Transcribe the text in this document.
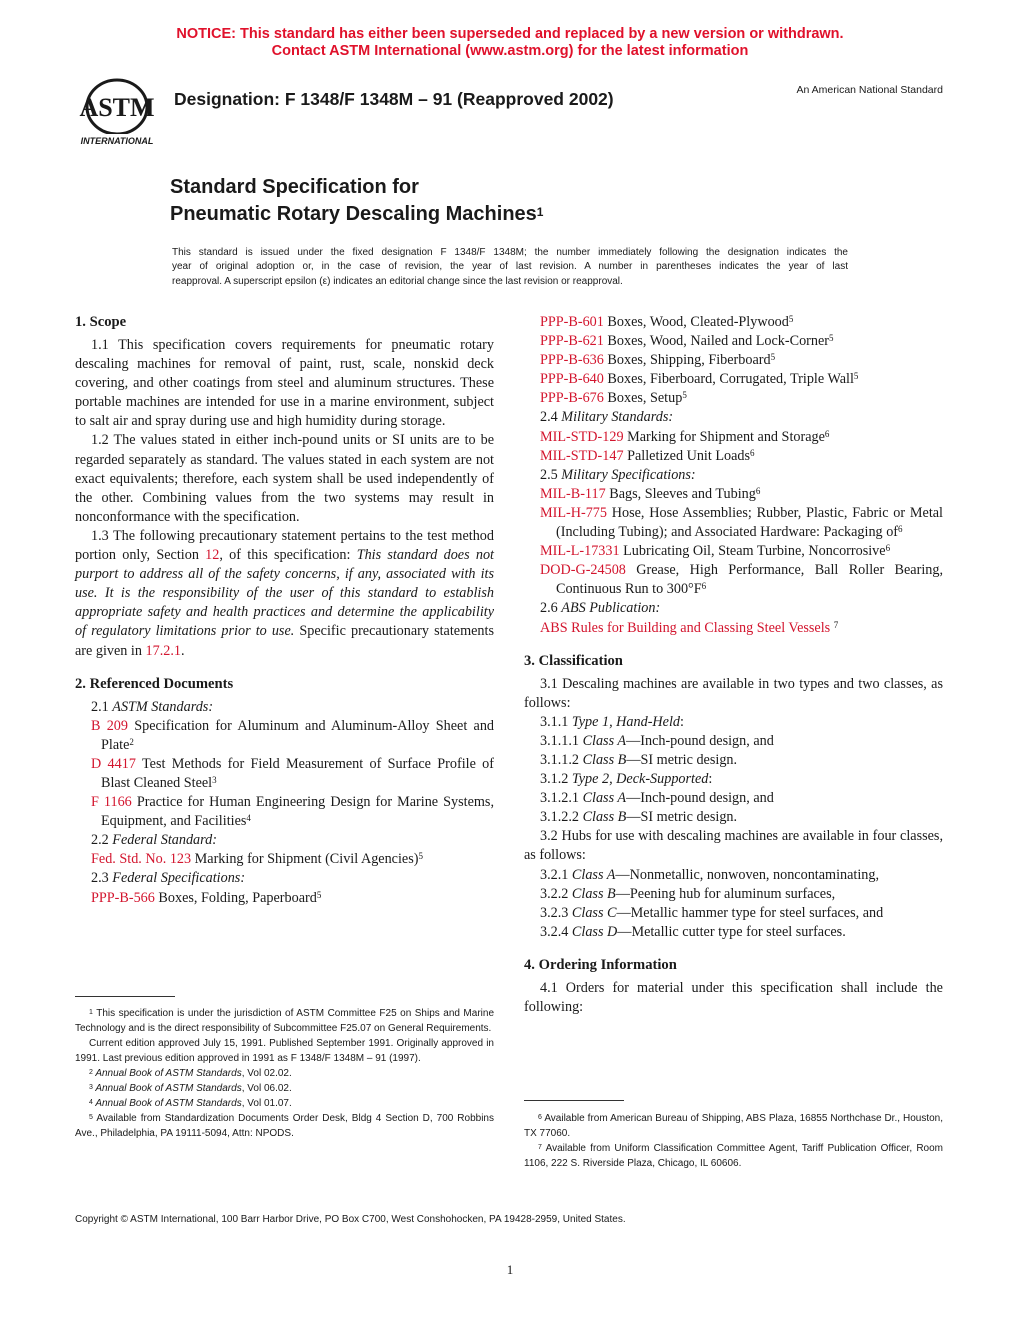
NOTICE: This standard has either been superseded and replaced by a new version or withdrawn.
Contact ASTM International (www.astm.org) for the latest information
ASTM
INTERNATIONAL
Designation: F 1348/F 1348M – 91 (Reapproved 2002)	An American National Standard
Standard Specification for
Pneumatic Rotary Descaling Machines$^1$
This standard is issued under the fixed designation F 1348/F 1348M; the number immediately following the designation indicates the
year of original adoption or, in the case of revision, the year of last revision. A number in parentheses indicates the year of last
reapproval. A superscript epsilon (ε) indicates an editorial change since the last revision or reapproval.
1. Scope

1.1 This specification covers requirements for pneumatic rotary descaling machines for removal of paint, rust, scale, nonskid deck covering, and other coatings from steel and aluminum structures. These portable machines are intended for use in a marine environment, subject to salt air and spray during use and high humidity during storage.

1.2 The values stated in either inch-pound units or SI units are to be regarded separately as standard. The values stated in each system are not exact equivalents; therefore, each system shall be used independently of the other. Combining values from the two systems may result in nonconformance with the specification.

1.3 The following precautionary statement pertains to the test method portion only, Section 12, of this specification: This standard does not purport to address all of the safety concerns, if any, associated with its use. It is the responsibility of the user of this standard to establish appropriate safety and health practices and determine the applicability of regulatory limitations prior to use. Specific precautionary statements are given in 17.2.1.

2. Referenced Documents

2.1 ASTM Standards:

B 209 Specification for Aluminum and Aluminum-Alloy Sheet and Plate$^2$

D 4417 Test Methods for Field Measurement of Surface Profile of Blast Cleaned Steel$^3$

F 1166 Practice for Human Engineering Design for Marine Systems, Equipment, and Facilities$^4$

2.2 Federal Standard:

Fed. Std. No. 123 Marking for Shipment (Civil Agencies)$^5$

2.3 Federal Specifications:

PPP-B-566 Boxes, Folding, Paperboard$^5$

$^1$ This specification is under the jurisdiction of ASTM Committee F25 on Ships and Marine Technology and is the direct responsibility of Subcommittee F25.07 on General Requirements.

Current edition approved July 15, 1991. Published September 1991. Originally approved in 1991. Last previous edition approved in 1991 as F 1348/F 1348M – 91 (1997).

$^2$ Annual Book of ASTM Standards, Vol 02.02.

$^3$ Annual Book of ASTM Standards, Vol 06.02.

$^4$ Annual Book of ASTM Standards, Vol 01.07.

$^5$ Available from Standardization Documents Order Desk, Bldg 4 Section D, 700 Robbins Ave., Philadelphia, PA 19111-5094, Attn: NPODS.

PPP-B-601 Boxes, Wood, Cleated-Plywood$^5$

PPP-B-621 Boxes, Wood, Nailed and Lock-Corner$^5$

PPP-B-636 Boxes, Shipping, Fiberboard$^5$

PPP-B-640 Boxes, Fiberboard, Corrugated, Triple Wall$^5$

PPP-B-676 Boxes, Setup$^5$

2.4 Military Standards:

MIL-STD-129 Marking for Shipment and Storage$^6$

MIL-STD-147 Palletized Unit Loads$^6$

2.5 Military Specifications:

MIL-B-117 Bags, Sleeves and Tubing$^6$

MIL-H-775 Hose, Hose Assemblies; Rubber, Plastic, Fabric or Metal (Including Tubing); and Associated Hardware: Packaging $of^6$

MIL-L-17331 Lubricating Oil, Steam Turbine, Noncorrosive$^6$

DOD-G-24508 Grease, High Performance, Ball Roller Bearing, Continuous Run to $300^\circ F^6$

2.6 ABS Publication:

ABS Rules for Building and Classing Steel Vessels $^7$

3. Classification

3.1 Descaling machines are available in two types and two classes, as follows:

3.1.1 Type 1, Hand-Held:

3.1.1.1 Class A—Inch-pound design, and

3.1.1.2 Class B—SI metric design.

3.1.2 Type 2, Deck-Supported:

3.1.2.1 Class A—Inch-pound design, and

3.1.2.2 Class B—SI metric design.

3.2 Hubs for use with descaling machines are available in four classes, as follows:

3.2.1 Class A—Nonmetallic, nonwoven, noncontaminating,

3.2.2 Class B—Peening hub for aluminum surfaces,

3.2.3 Class C—Metallic hammer type for steel surfaces, and

3.2.4 Class D—Metallic cutter type for steel surfaces.

4. Ordering Information

4.1 Orders for material under this specification shall include the following:

$^6$ Available from American Bureau of Shipping, ABS Plaza, 16855 Northchase Dr., Houston, TX 77060.

$^7$ Available from Uniform Classification Committee Agent, Tariff Publication Officer, Room 1106, 222 S. Riverside Plaza, Chicago, IL 60606.

Copyright © ASTM International, 100 Barr Harbor Drive, PO Box C700, West Conshohocken, PA 19428-2959, United States.
1
